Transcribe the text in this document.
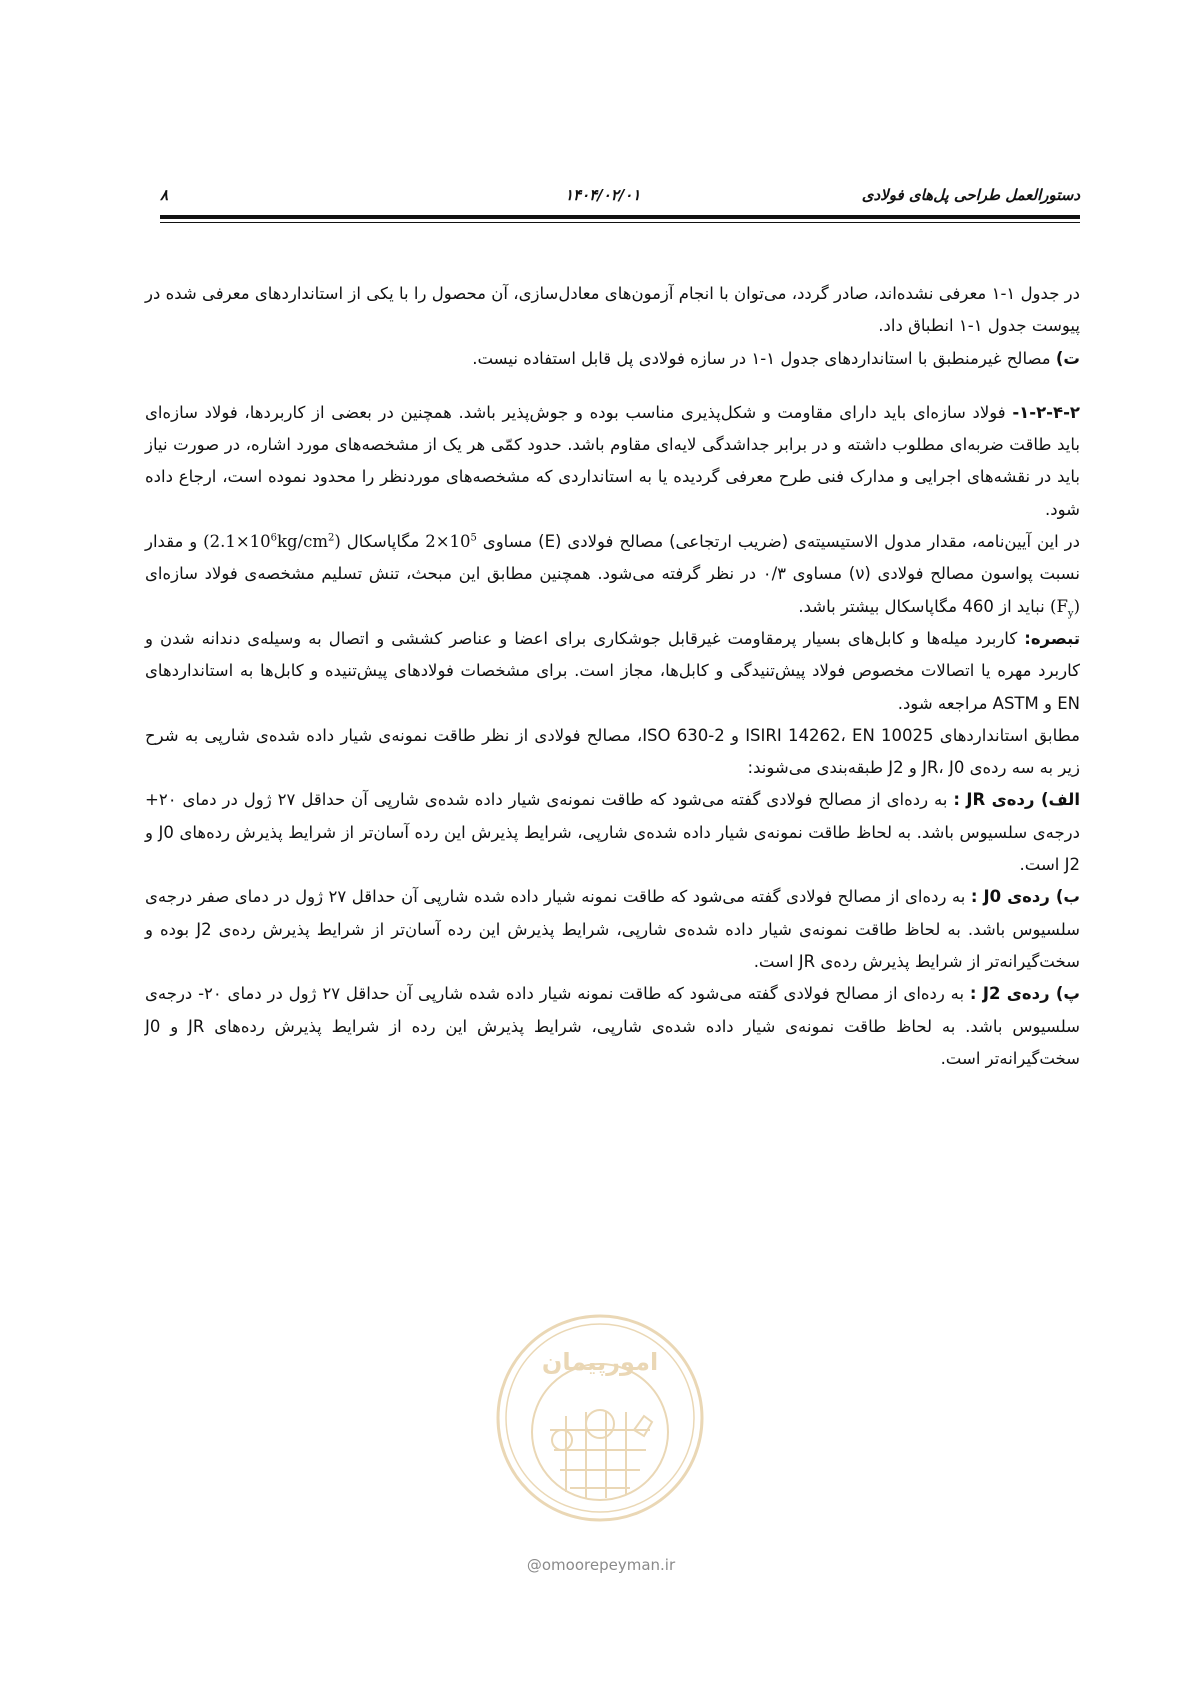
دستورالعمل طراحی پل‌های فولادی
۱۴۰۴/۰۲/۰۱
۸

در جدول ۱-۱ معرفی نشده‌اند، صادر گردد، می‌توان با انجام آزمون‌های معادل‌سازی، آن محصول را با یکی از استانداردهای معرفی شده در پیوست جدول ۱-۱ انطباق داد.

ت) مصالح غیرمنطبق با استانداردهای جدول ۱-۱ در سازه فولادی پل قابل استفاده نیست.

۱-۲-۴-۲- فولاد سازه‌ای باید دارای مقاومت و شکل‌پذیری مناسب بوده و جوش‌پذیر باشد. همچنین در بعضی از کاربردها، فولاد سازه‌ای باید طاقت ضربه‌ای مطلوب داشته و در برابر جداشدگی لایه‌ای مقاوم باشد. حدود کمّی هر یک از مشخصه‌های مورد اشاره، در صورت نیاز باید در نقشه‌های اجرایی و مدارک فنی طرح معرفی گردیده یا به استانداردی که مشخصه‌های موردنظر را محدود نموده است، ارجاع داده شود.

در این آیین‌نامه، مقدار مدول الاستیسیته‌ی (ضریب ارتجاعی) مصالح فولادی (E) مساوی $2\times 10^5$ مگاپاسکال $(2.1\times 10^6kg/cm^2)$ و مقدار نسبت پواسون مصالح فولادی (ν) مساوی ۰/۳ در نظر گرفته می‌شود. همچنین مطابق این مبحث، تنش تسلیم مشخصه‌ی فولاد سازه‌ای $(F_y)$ نباید از 460 مگاپاسکال بیشتر باشد.

تبصره: کاربرد میله‌ها و کابل‌های بسیار پرمقاومت غیرقابل جوشکاری برای اعضا و عناصر کششی و اتصال به وسیله‌ی دندانه شدن و کاربرد مهره یا اتصالات مخصوص فولاد پیش‌تنیدگی و کابل‌ها، مجاز است. برای مشخصات فولادهای پیش‌تنیده و کابل‌ها به استانداردهای EN و ASTM مراجعه شود.

مطابق استانداردهای ISIRI 14262، EN 10025 و ISO 630-2، مصالح فولادی از نظر طاقت نمونه‌ی شیار داده شده‌ی شارپی به شرح زیر به سه رده‌ی JR، J0 و J2 طبقه‌بندی می‌شوند:

الف) رده‌ی JR : به رده‌ای از مصالح فولادی گفته می‌شود که طاقت نمونه‌ی شیار داده شده‌ی شارپی آن حداقل ۲۷ ژول در دمای ۲۰+ درجه‌ی سلسیوس باشد. به لحاظ طاقت نمونه‌ی شیار داده شده‌ی شارپی، شرایط پذیرش این رده آسان‌تر از شرایط پذیرش رده‌های J0 و J2 است.

ب) رده‌ی J0 : به رده‌ای از مصالح فولادی گفته می‌شود که طاقت نمونه شیار داده شده شارپی آن حداقل ۲۷ ژول در دمای صفر درجه‌ی سلسیوس باشد. به لحاظ طاقت نمونه‌ی شیار داده شده‌ی شارپی، شرایط پذیرش این رده آسان‌تر از شرایط پذیرش رده‌ی J2 بوده و سخت‌گیرانه‌تر از شرایط پذیرش رده‌ی JR است.

پ) رده‌ی J2 : به رده‌ای از مصالح فولادی گفته می‌شود که طاقت نمونه شیار داده شده شارپی آن حداقل ۲۷ ژول در دمای ۲۰- درجه‌ی سلسیوس باشد. به لحاظ طاقت نمونه‌ی شیار داده شده‌ی شارپی، شرایط پذیرش این رده از شرایط پذیرش رده‌های JR و J0 سخت‌گیرانه‌تر است.

امورپیمان
@omoorepeyman.ir
